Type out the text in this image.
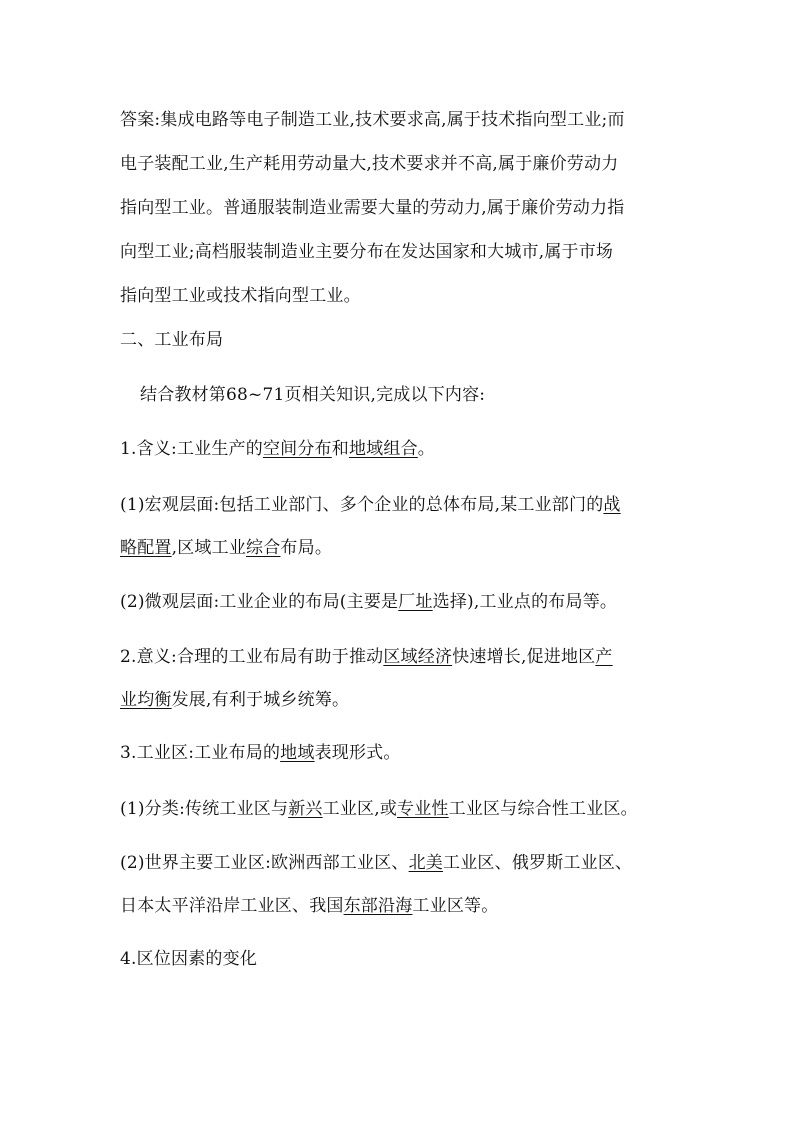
答案:集成电路等电子制造工业,技术要求高,属于技术指向型工业;而
电子装配工业,生产耗用劳动量大,技术要求并不高,属于廉价劳动力
指向型工业。普通服装制造业需要大量的劳动力,属于廉价劳动力指
向型工业;高档服装制造业主要分布在发达国家和大城市,属于市场
指向型工业或技术指向型工业。
二、工业布局
结合教材第68~71页相关知识,完成以下内容:
1.含义:工业生产的空间分布和地域组合。
(1)宏观层面:包括工业部门、多个企业的总体布局,某工业部门的战
略配置,区域工业综合布局。
(2)微观层面:工业企业的布局(主要是厂址选择),工业点的布局等。
2.意义:合理的工业布局有助于推动区域经济快速增长,促进地区产
业均衡发展,有利于城乡统筹。
3.工业区:工业布局的地域表现形式。
(1)分类:传统工业区与新兴工业区,或专业性工业区与综合性工业区。
(2)世界主要工业区:欧洲西部工业区、北美工业区、俄罗斯工业区、
日本太平洋沿岸工业区、我国东部沿海工业区等。
4.区位因素的变化
